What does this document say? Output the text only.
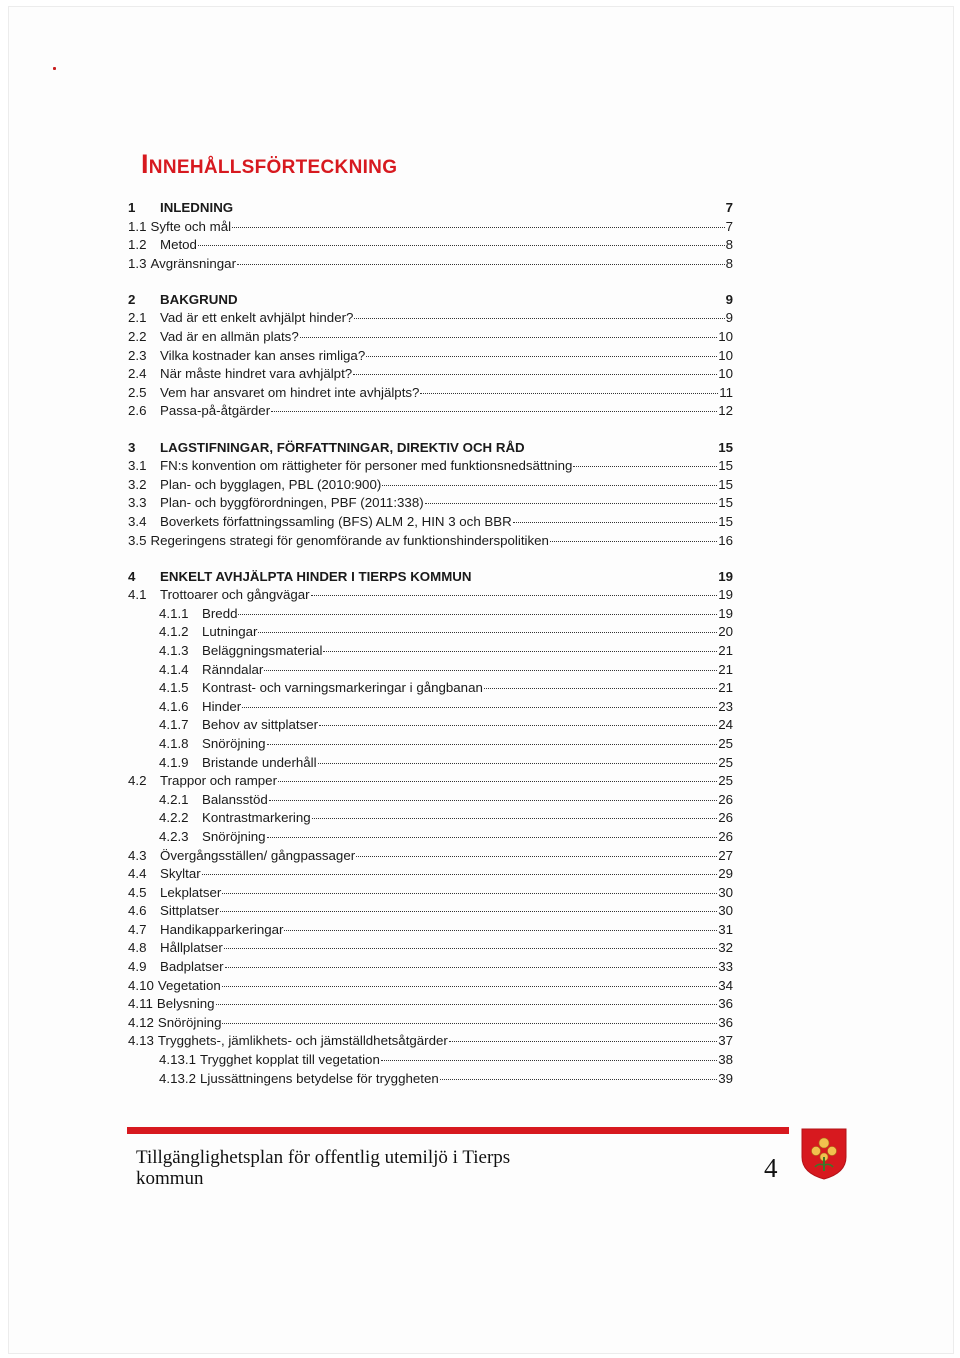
Innehållsförteckning
1	INLEDNING	7
1.1 Syfte och mål	7
1.2	Metod	8
1.3 Avgränsningar	8
2	BAKGRUND	9
2.1	Vad är ett enkelt avhjälpt hinder?	9
2.2	Vad är en allmän plats?	10
2.3	Vilka kostnader kan anses rimliga?	10
2.4	När måste hindret vara avhjälpt?	10
2.5	Vem har ansvaret om hindret inte avhjälpts?	11
2.6	Passa-på-åtgärder	12
3	LAGSTIFNINGAR, FÖRFATTNINGAR, DIREKTIV OCH RÅD	15
3.1	FN:s konvention om rättigheter för personer med funktionsnedsättning	15
3.2	Plan- och bygglagen, PBL (2010:900)	15
3.3	Plan- och byggförordningen, PBF (2011:338)	15
3.4	Boverkets författningssamling (BFS) ALM 2, HIN 3 och BBR	15
3.5 Regeringens strategi för genomförande av funktionshinderspolitiken	16
4	ENKELT AVHJÄLPTA HINDER I TIERPS KOMMUN	19
4.1	Trottoarer och gångvägar	19
4.1.1	Bredd	19
4.1.2	Lutningar	20
4.1.3	Beläggningsmaterial	21
4.1.4	Ränndalar	21
4.1.5	Kontrast- och varningsmarkeringar i gångbanan	21
4.1.6	Hinder	23
4.1.7	Behov av sittplatser	24
4.1.8	Snöröjning	25
4.1.9	Bristande underhåll	25
4.2	Trappor och ramper	25
4.2.1	Balansstöd	26
4.2.2	Kontrastmarkering	26
4.2.3	Snöröjning	26
4.3	Övergångsställen/ gångpassager	27
4.4	Skyltar	29
4.5	Lekplatser	30
4.6	Sittplatser	30
4.7	Handikapparkeringar	31
4.8	Hållplatser	32
4.9	Badplatser	33
4.10 Vegetation	34
4.11 Belysning	36
4.12 Snöröjning	36
4.13 Trygghets-, jämlikhets- och jämställdhetsåtgärder	37
4.13.1 Trygghet kopplat till vegetation	38
4.13.2 Ljussättningens betydelse för tryggheten	39
Tillgänglighetsplan för offentlig utemiljö i Tierps kommun	4
